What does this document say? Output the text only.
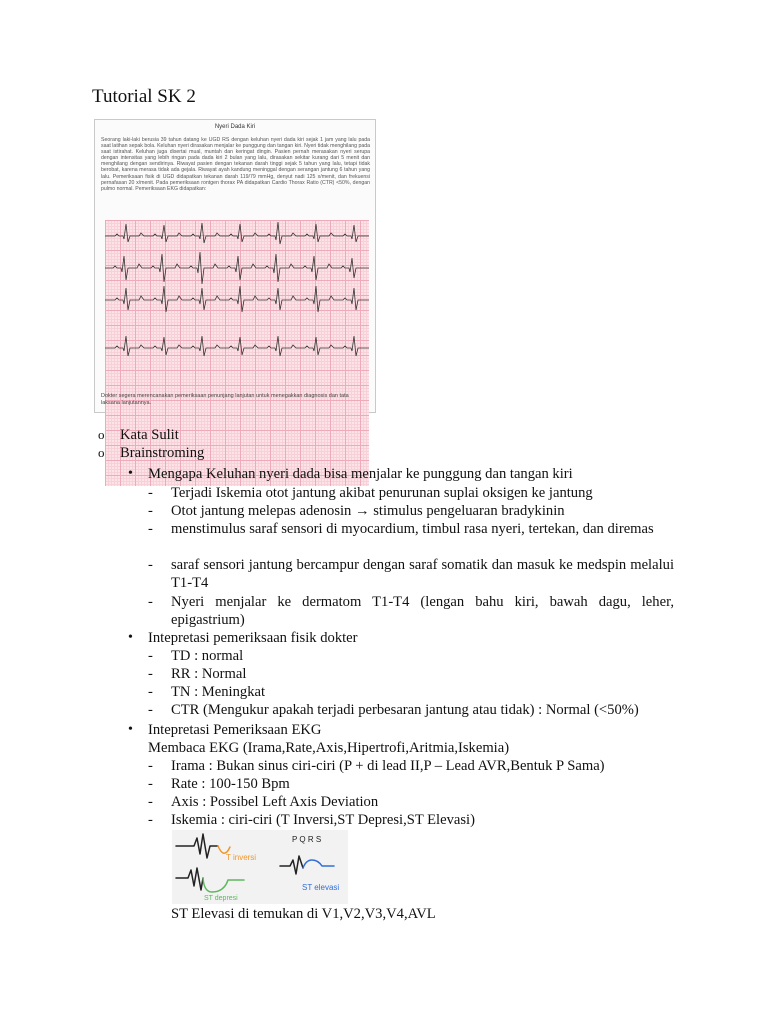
Tutorial SK 2
Nyeri Dada Kiri
Seorang laki-laki berusia 39 tahun datang ke UGD RS dengan keluhan nyeri dada kiri sejak 1 jam yang lalu pada saat latihan sepak bola. Keluhan nyeri dirasakan menjalar ke punggung dan tangan kiri. Nyeri tidak menghilang pada saat istirahat. Keluhan juga disertai mual, muntah dan keringat dingin. Pasien pernah merasakan nyeri serupa dengan intensitas yang lebih ringan pada dada kiri 2 bulan yang lalu, dirasakan sekitar kurang dari 5 menit dan menghilang dengan sendirinya. Riwayat pasien dengan tekanan darah tinggi sejak 5 tahun yang lalu, tetapi tidak berobat, karena merasa tidak ada gejala. Riwayat ayah kandung meninggal dengan serangan jantung 6 tahun yang lalu. Pemeriksaan fisik di UGD didapatkan tekanan darah 119/79 mmHg, denyut nadi 125 x/menit, dan frekuensi pernafasan 20 x/menit. Pada pemeriksaan rontgen thorax PA didapatkan Cardio Thorax Ratio (CTR) <50%, dengan pulmo normal. Pemeriksaan EKG didapatkan:
Dokter segera merencanakan pemeriksaan penunjang lanjutan untuk menegakkan diagnosis dan tata laksana lanjutannya.
o Kata Sulit
o Brainstroming
• Mengapa Keluhan nyeri dada bisa menjalar ke punggung dan tangan kiri
- Terjadi Iskemia otot jantung akibat penurunan suplai oksigen ke jantung
- Otot jantung melepas adenosin → stimulus pengeluaran bradykinin
- menstimulus saraf sensori di myocardium, timbul rasa nyeri, tertekan, dan diremas
- saraf sensori jantung bercampur dengan saraf somatik dan masuk ke medspin melalui T1-T4
- Nyeri menjalar ke dermatom T1-T4 (lengan bahu kiri, bawah dagu, leher, epigastrium)
• Intepretasi pemeriksaan fisik dokter
- TD : normal
- RR : Normal
- TN : Meningkat
- CTR (Mengukur apakah terjadi perbesaran jantung atau tidak) : Normal (<50%)
• Intepretasi Pemeriksaan EKG
Membaca EKG (Irama,Rate,Axis,Hipertrofi,Aritmia,Iskemia)
- Irama : Bukan sinus ciri-ciri (P + di lead II,P – Lead AVR,Bentuk P Sama)
- Rate : 100-150 Bpm
- Axis : Possibel Left Axis Deviation
- Iskemia : ciri-ciri (T Inversi,ST Depresi,ST Elevasi)
T inversi
P Q R S
ST elevasi
ST depresi
ST Elevasi di temukan di V1,V2,V3,V4,AVL
